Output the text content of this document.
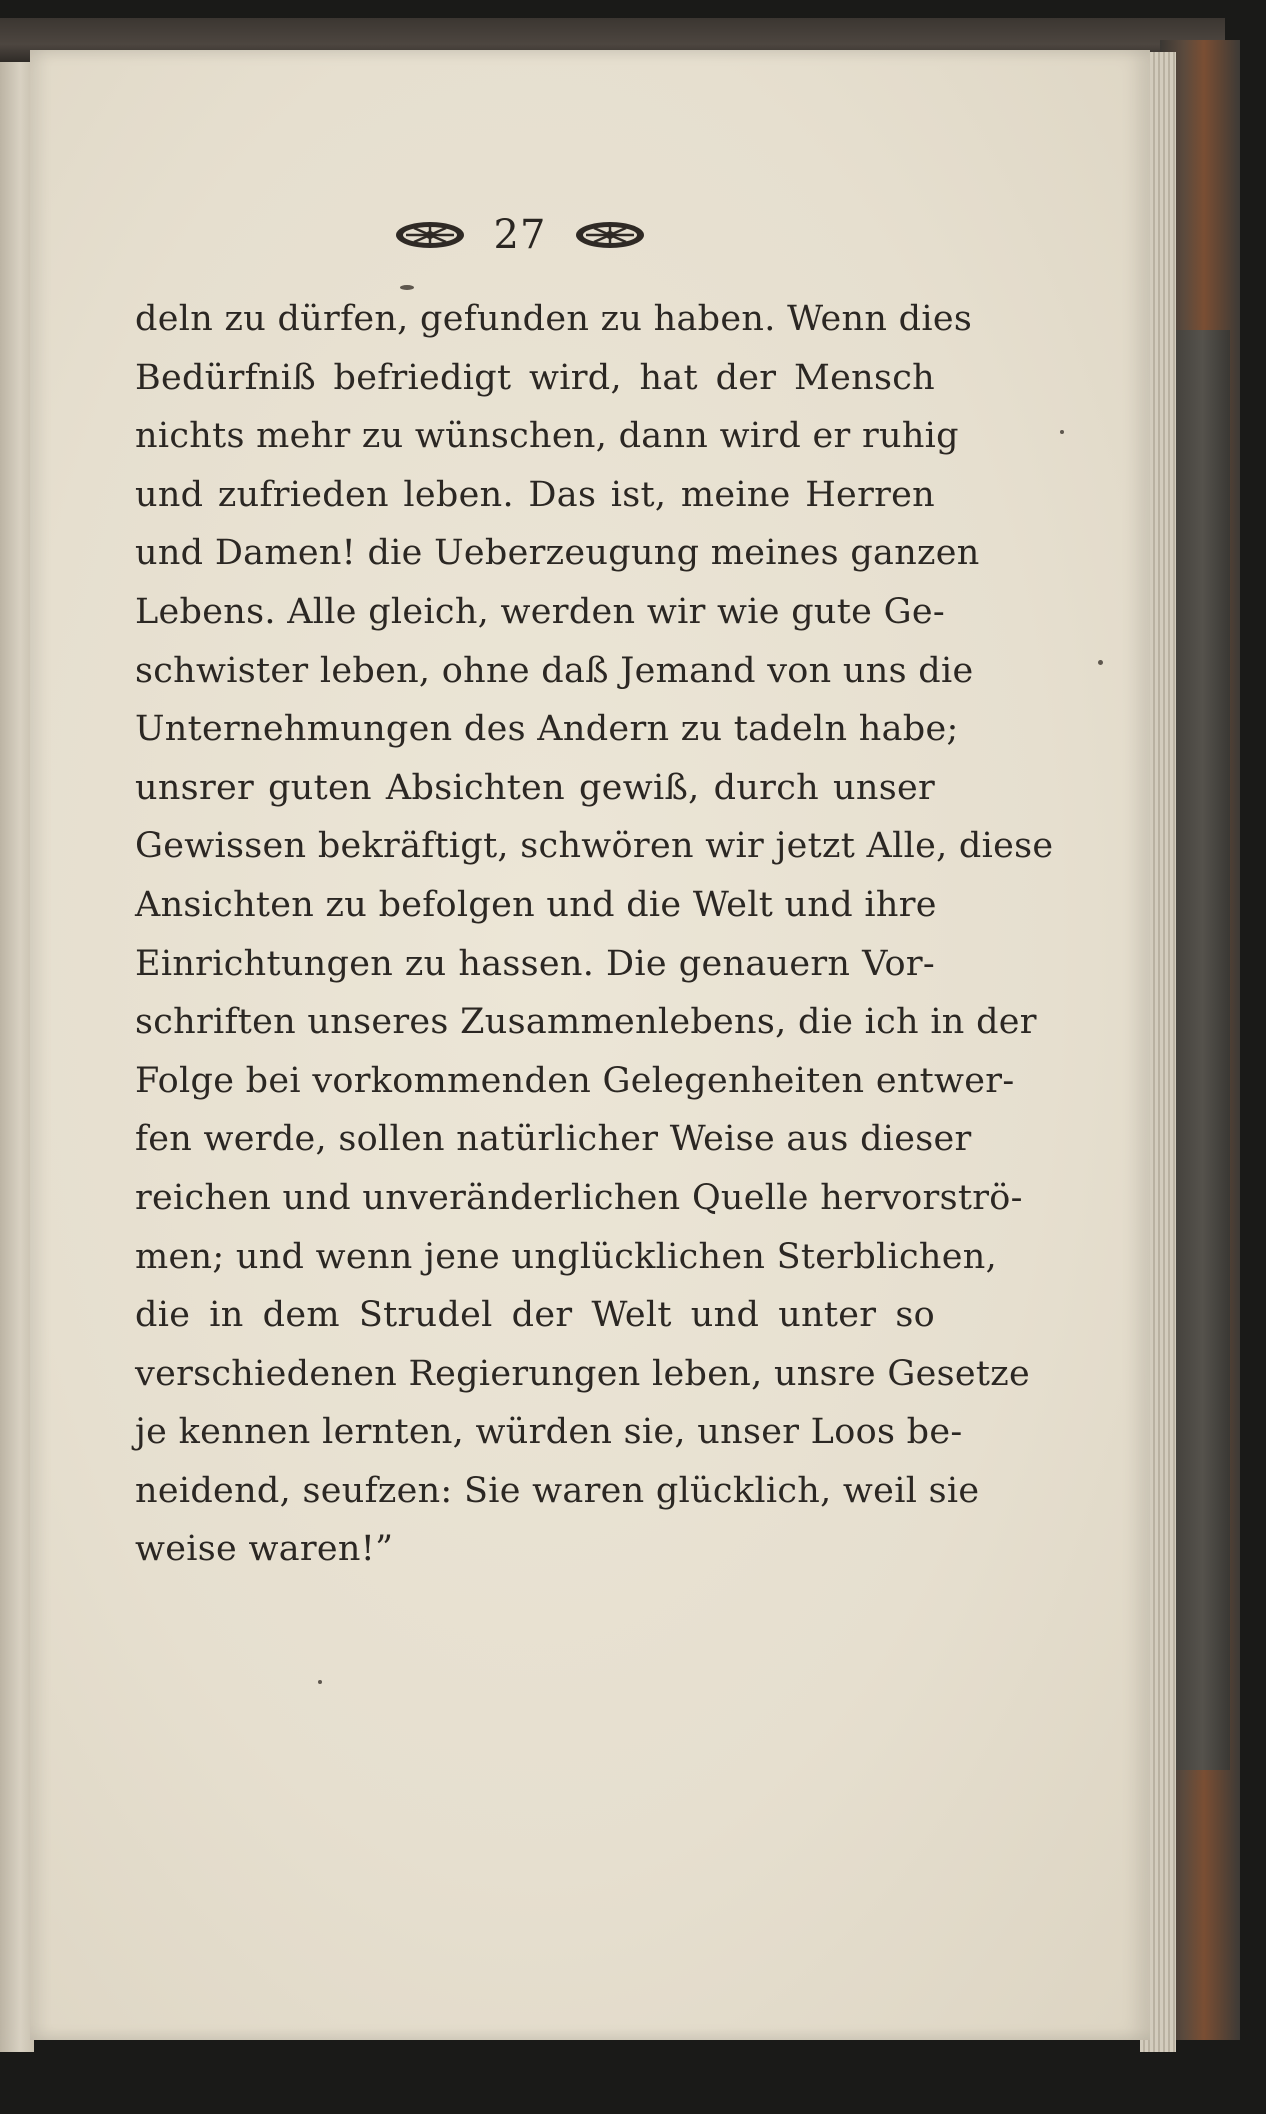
27
deln zu dürfen, gefunden zu haben. Wenn dies
Bedürfniß befriedigt wird, hat der Mensch
nichts mehr zu wünschen, dann wird er ruhig
und zufrieden leben. Das ist, meine Herren
und Damen! die Ueberzeugung meines ganzen
Lebens. Alle gleich, werden wir wie gute Ge-
schwister leben, ohne daß Jemand von uns die
Unternehmungen des Andern zu tadeln habe;
unsrer guten Absichten gewiß, durch unser
Gewissen bekräftigt, schwören wir jetzt Alle, diese
Ansichten zu befolgen und die Welt und ihre
Einrichtungen zu hassen. Die genauern Vor-
schriften unseres Zusammenlebens, die ich in der
Folge bei vorkommenden Gelegenheiten entwer-
fen werde, sollen natürlicher Weise aus dieser
reichen und unveränderlichen Quelle hervorströ-
men; und wenn jene unglücklichen Sterblichen,
die in dem Strudel der Welt und unter so
verschiedenen Regierungen leben, unsre Gesetze
je kennen lernten, würden sie, unser Loos be-
neidend, seufzen: Sie waren glücklich, weil sie
weise waren!”
